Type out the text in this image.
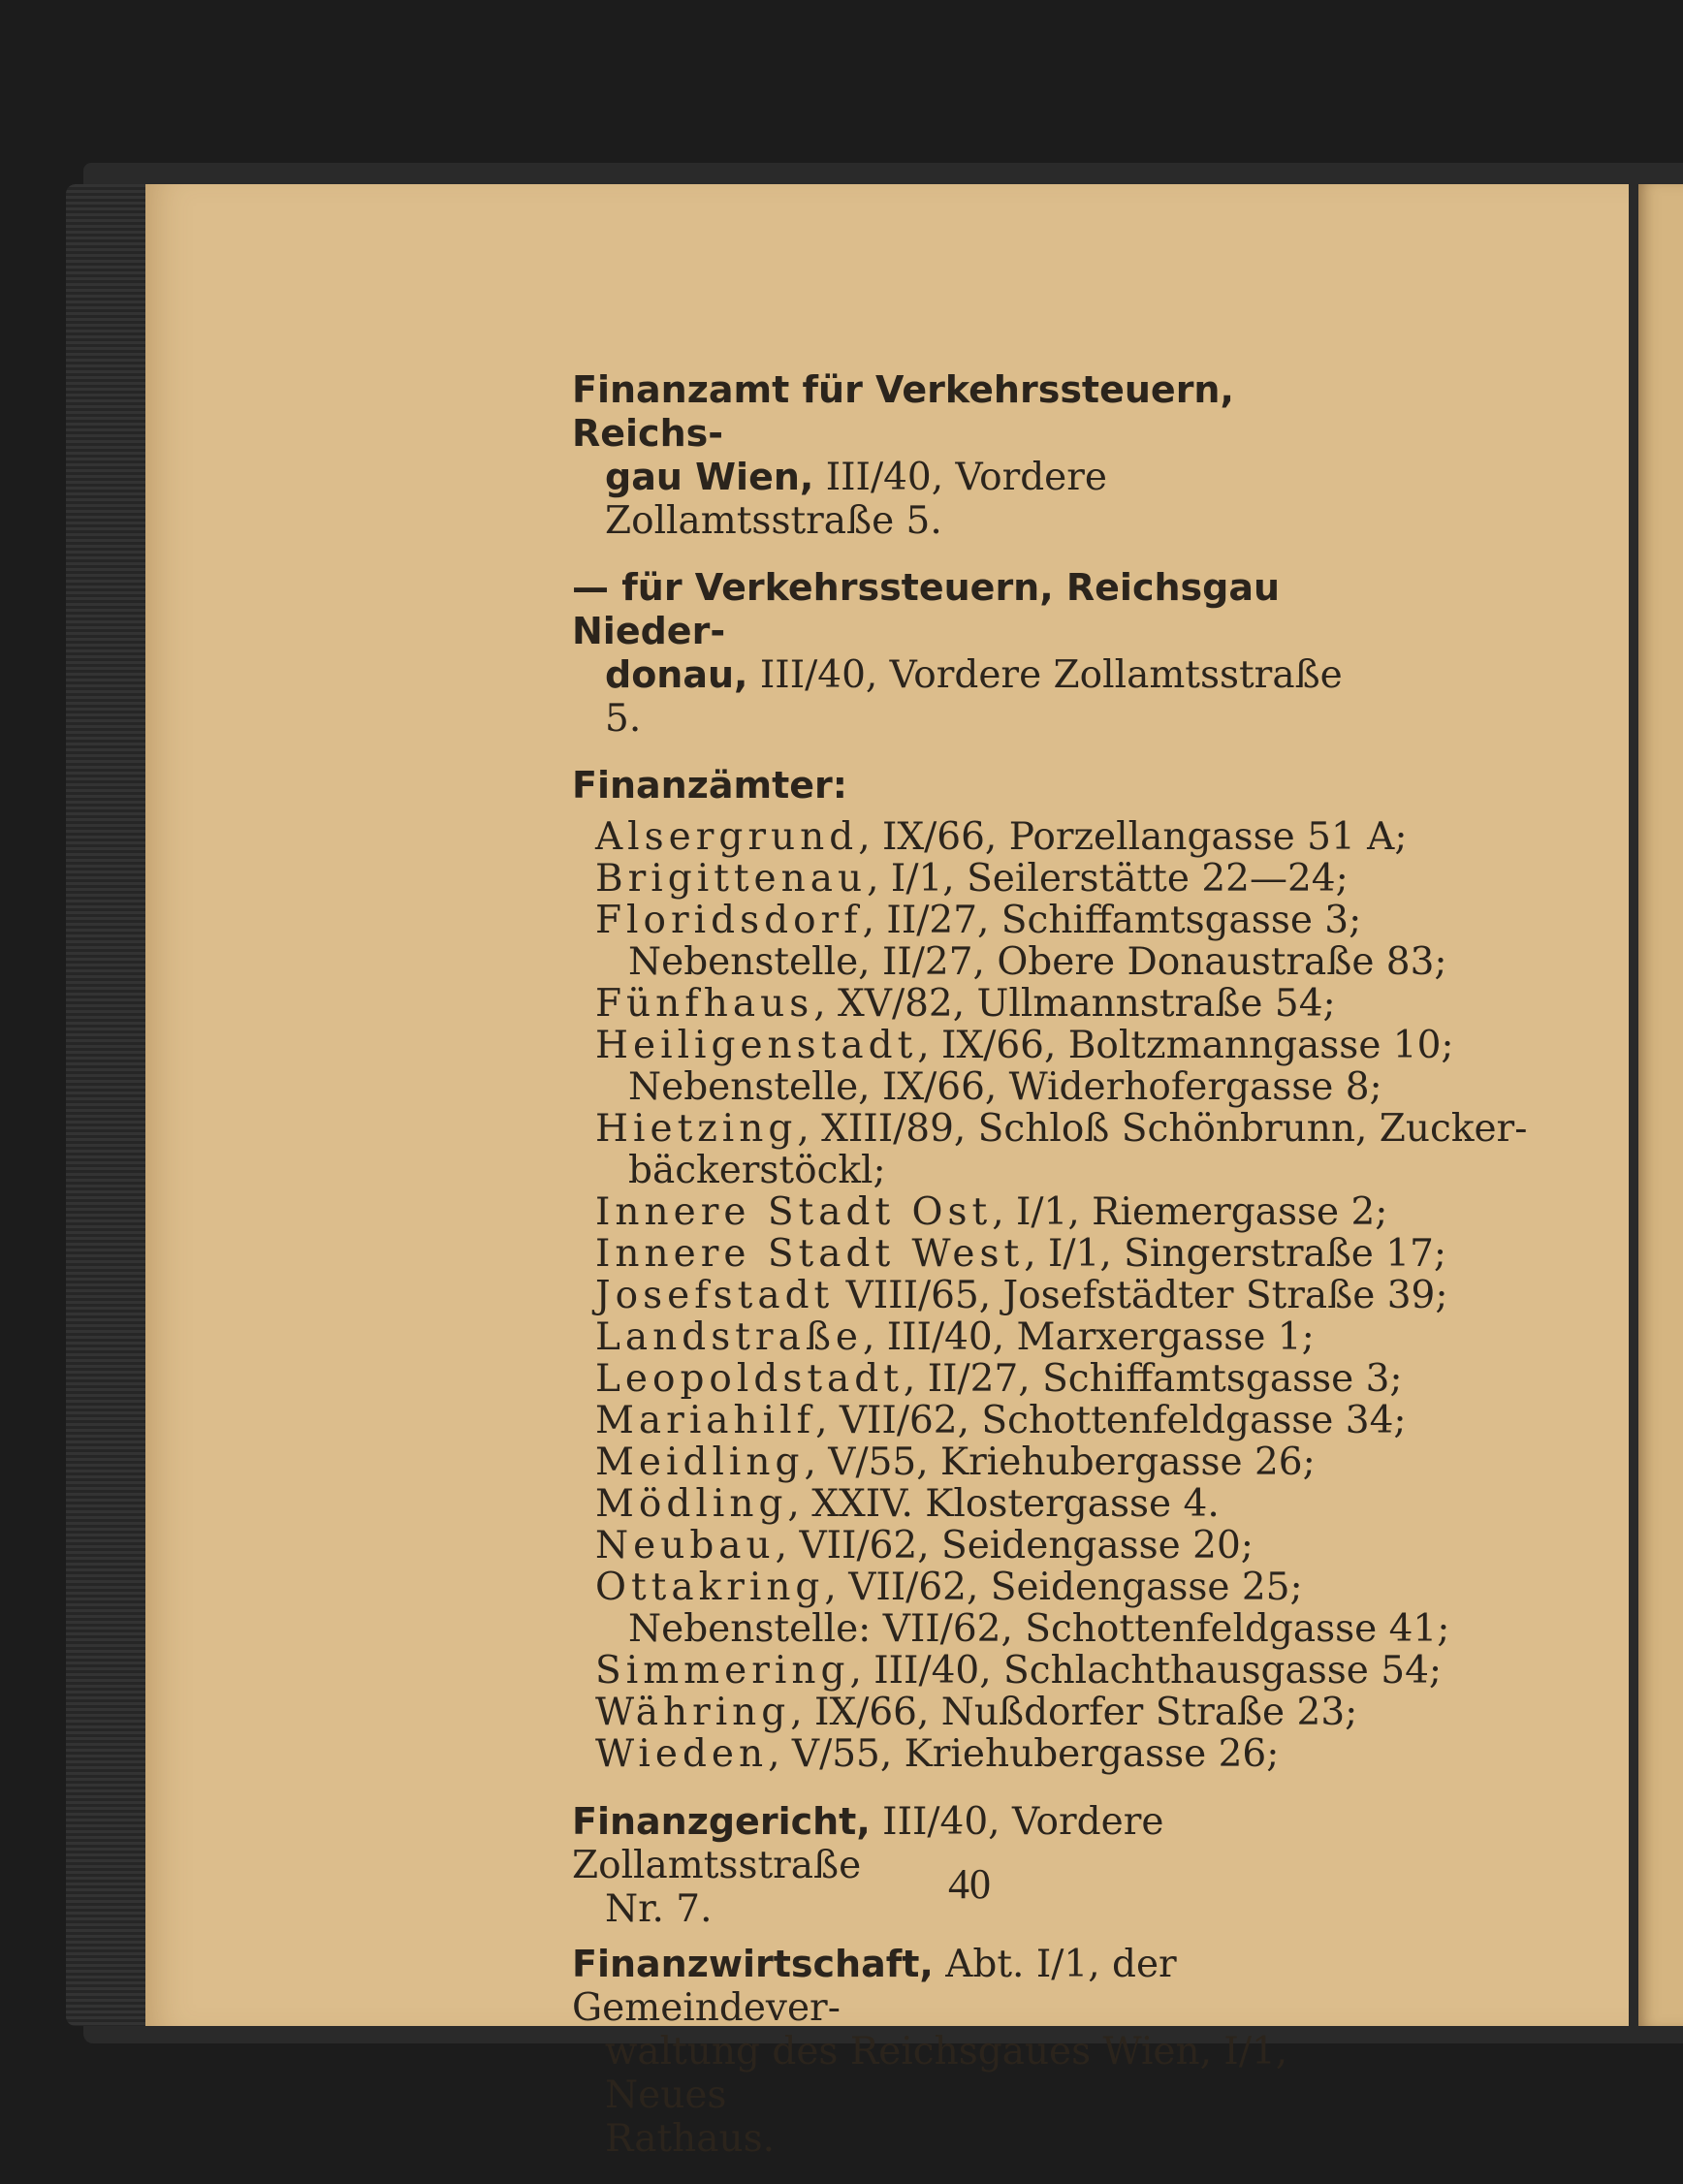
Finanzamt für Verkehrssteuern, Reichs-
gau Wien, III/40, Vordere Zollamtsstraße 5.
— für Verkehrssteuern, Reichsgau Nieder-
donau, III/40, Vordere Zollamtsstraße 5.
Finanzämter:
Alsergrund, IX/66, Porzellangasse 51 A;
Brigittenau, I/1, Seilerstätte 22—24;
Floridsdorf, II/27, Schiffamtsgasse 3;
Nebenstelle, II/27, Obere Donaustraße 83;
Fünfhaus, XV/82, Ullmannstraße 54;
Heiligenstadt, IX/66, Boltzmanngasse 10;
Nebenstelle, IX/66, Widerhofergasse 8;
Hietzing, XIII/89, Schloß Schönbrunn, Zucker-
bäckerstöckl;
Innere Stadt Ost, I/1, Riemergasse 2;
Innere Stadt West, I/1, Singerstraße 17;
Josefstadt VIII/65, Josefstädter Straße 39;
Landstraße, III/40, Marxergasse 1;
Leopoldstadt, II/27, Schiffamtsgasse 3;
Mariahilf, VII/62, Schottenfeldgasse 34;
Meidling, V/55, Kriehubergasse 26;
Mödling, XXIV. Klostergasse 4.
Neubau, VII/62, Seidengasse 20;
Ottakring, VII/62, Seidengasse 25;
Nebenstelle: VII/62, Schottenfeldgasse 41;
Simmering, III/40, Schlachthausgasse 54;
Währing, IX/66, Nußdorfer Straße 23;
Wieden, V/55, Kriehubergasse 26;
Finanzgericht, III/40, Vordere Zollamtsstraße
Nr. 7.
Finanzwirtschaft, Abt. I/1, der Gemeindever-
waltung des Reichsgaues Wien, I/1, Neues
Rathaus.
40
